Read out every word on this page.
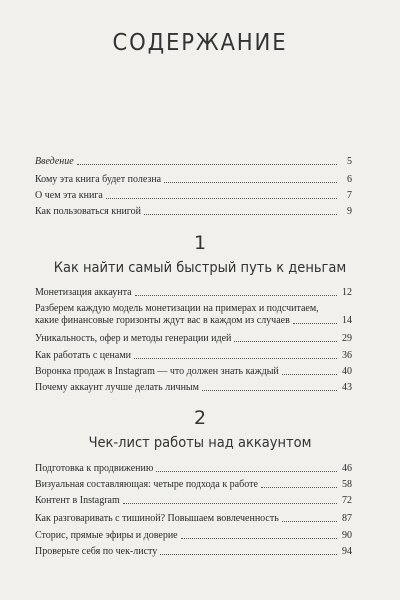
СОДЕРЖАНИЕ
Введение	5
Кому эта книга будет полезна	6
О чем эта книга	7
Как пользоваться книгой	9
1
Как найти самый быстрый путь к деньгам
Монетизация аккаунта	12
Разберем каждую модель монетизации на примерах и подсчитаем,
какие финансовые горизонты ждут вас в каждом из случаев	14
Уникальность, офер и методы генерации идей	29
Как работать с ценами	36
Воронка продаж в Instagram — что должен знать каждый	40
Почему аккаунт лучше делать личным	43
2
Чек-лист работы над аккаунтом
Подготовка к продвижению	46
Визуальная составляющая: четыре подхода к работе	58
Контент в Instagram	72
Как разговаривать с тишиной? Повышаем вовлеченность	87
Сторис, прямые эфиры и доверие	90
Проверьте себя по чек-листу	94
